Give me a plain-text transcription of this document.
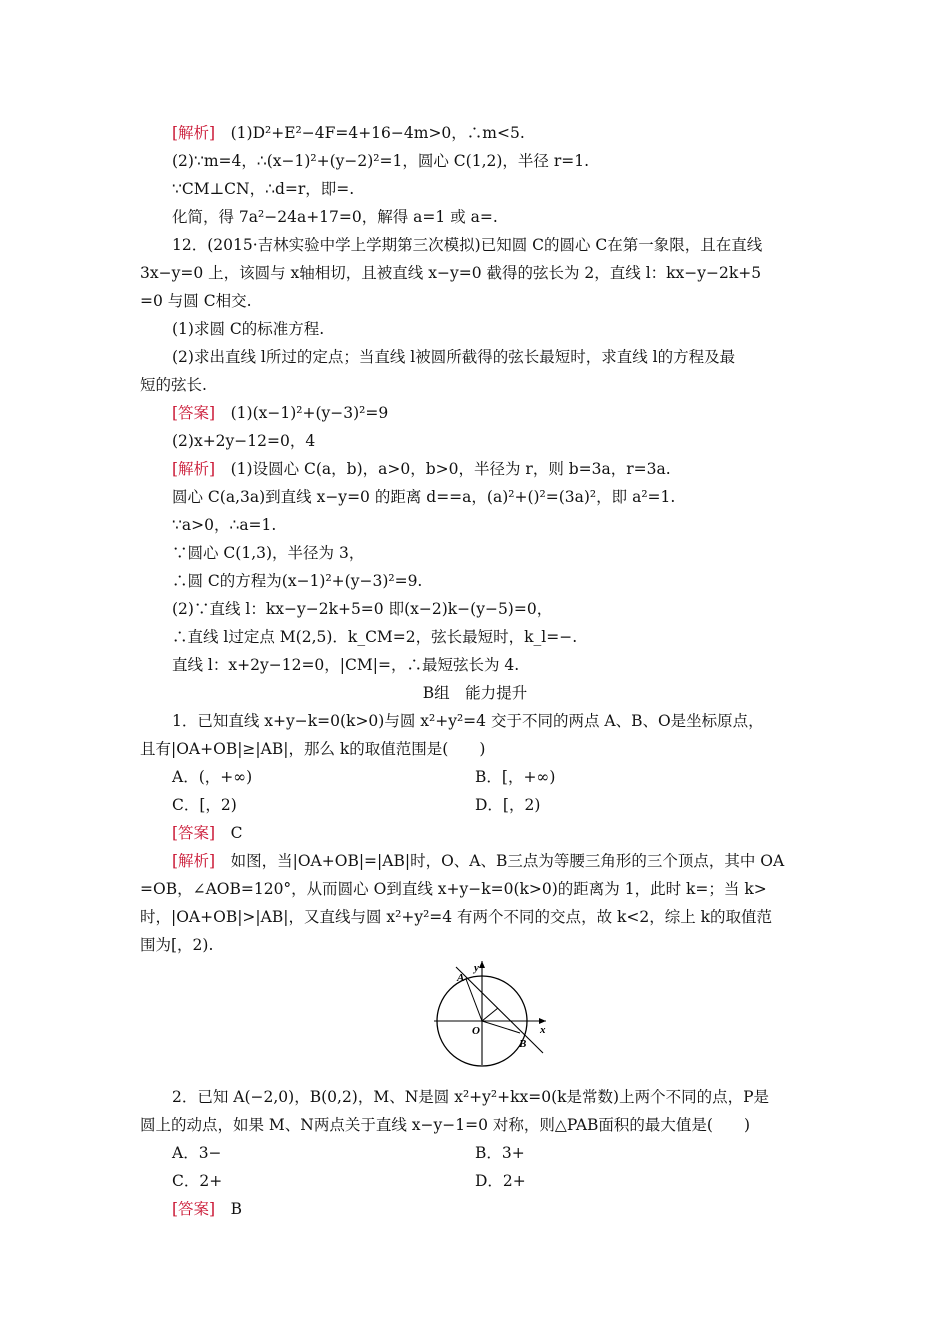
[解析]　 (1)D²+E²−4F=4+16−4m>0，∴m<5.
(2)∵m=4，∴(x−1)²+(y−2)²=1，圆心 C(1,2)，半径 r=1.
∵CM⊥CN，∴d=r，即=.
化简，得 7a²−24a+17=0，解得 a=1 或 a=.
12．(2015·吉林实验中学上学期第三次模拟)已知圆 C的圆心 C在第一象限，且在直线
3x−y=0 上，该圆与 x轴相切，且被直线 x−y=0 截得的弦长为 2，直线 l：kx−y−2k+5
=0 与圆 C相交.
(1)求圆 C的标准方程.
(2)求出直线 l所过的定点；当直线 l被圆所截得的弦长最短时，求直线 l的方程及最
短的弦长.
[答案]　 (1)(x−1)²+(y−3)²=9
(2)x+2y−12=0，4
[解析]　 (1)设圆心 C(a，b)，a>0，b>0，半径为 r，则 b=3a，r=3a.
圆心 C(a,3a)到直线 x−y=0 的距离 d==a，(a)²+()²=(3a)²，即 a²=1.
∵a>0，∴a=1.
∵圆心 C(1,3)，半径为 3，
∴圆 C的方程为(x−1)²+(y−3)²=9.
(2)∵直线 l：kx−y−2k+5=0 即(x−2)k−(y−5)=0，
∴直线 l过定点 M(2,5)．k_CM=2，弦长最短时，k_l=−.
直线 l：x+2y−12=0，|CM|=，∴最短弦长为 4.
B组　能力提升
1．已知直线 x+y−k=0(k>0)与圆 x²+y²=4 交于不同的两点 A、B、O是坐标原点，
且有|OA+OB|≥|AB|，那么 k的取值范围是(　　)
A．(，+∞)	B．[，+∞)
C．[，2)	D．[，2)
[答案]　 C
[解析]　 如图，当|OA+OB|=|AB|时，O、A、B三点为等腰三角形的三个顶点，其中 OA
=OB，∠AOB=120°，从而圆心 O到直线 x+y−k=0(k>0)的距离为 1，此时 k=；当 k>
时，|OA+OB|>|AB|，又直线与圆 x²+y²=4 有两个不同的交点，故 k<2，综上 k的取值范
围为[，2).
y
x
O
A
B
2．已知 A(−2,0)，B(0,2)，M、N是圆 x²+y²+kx=0(k是常数)上两个不同的点，P是
圆上的动点，如果 M、N两点关于直线 x−y−1=0 对称，则△PAB面积的最大值是(　　)
A．3−	B．3+
C．2+	D．2+
[答案]　 B
